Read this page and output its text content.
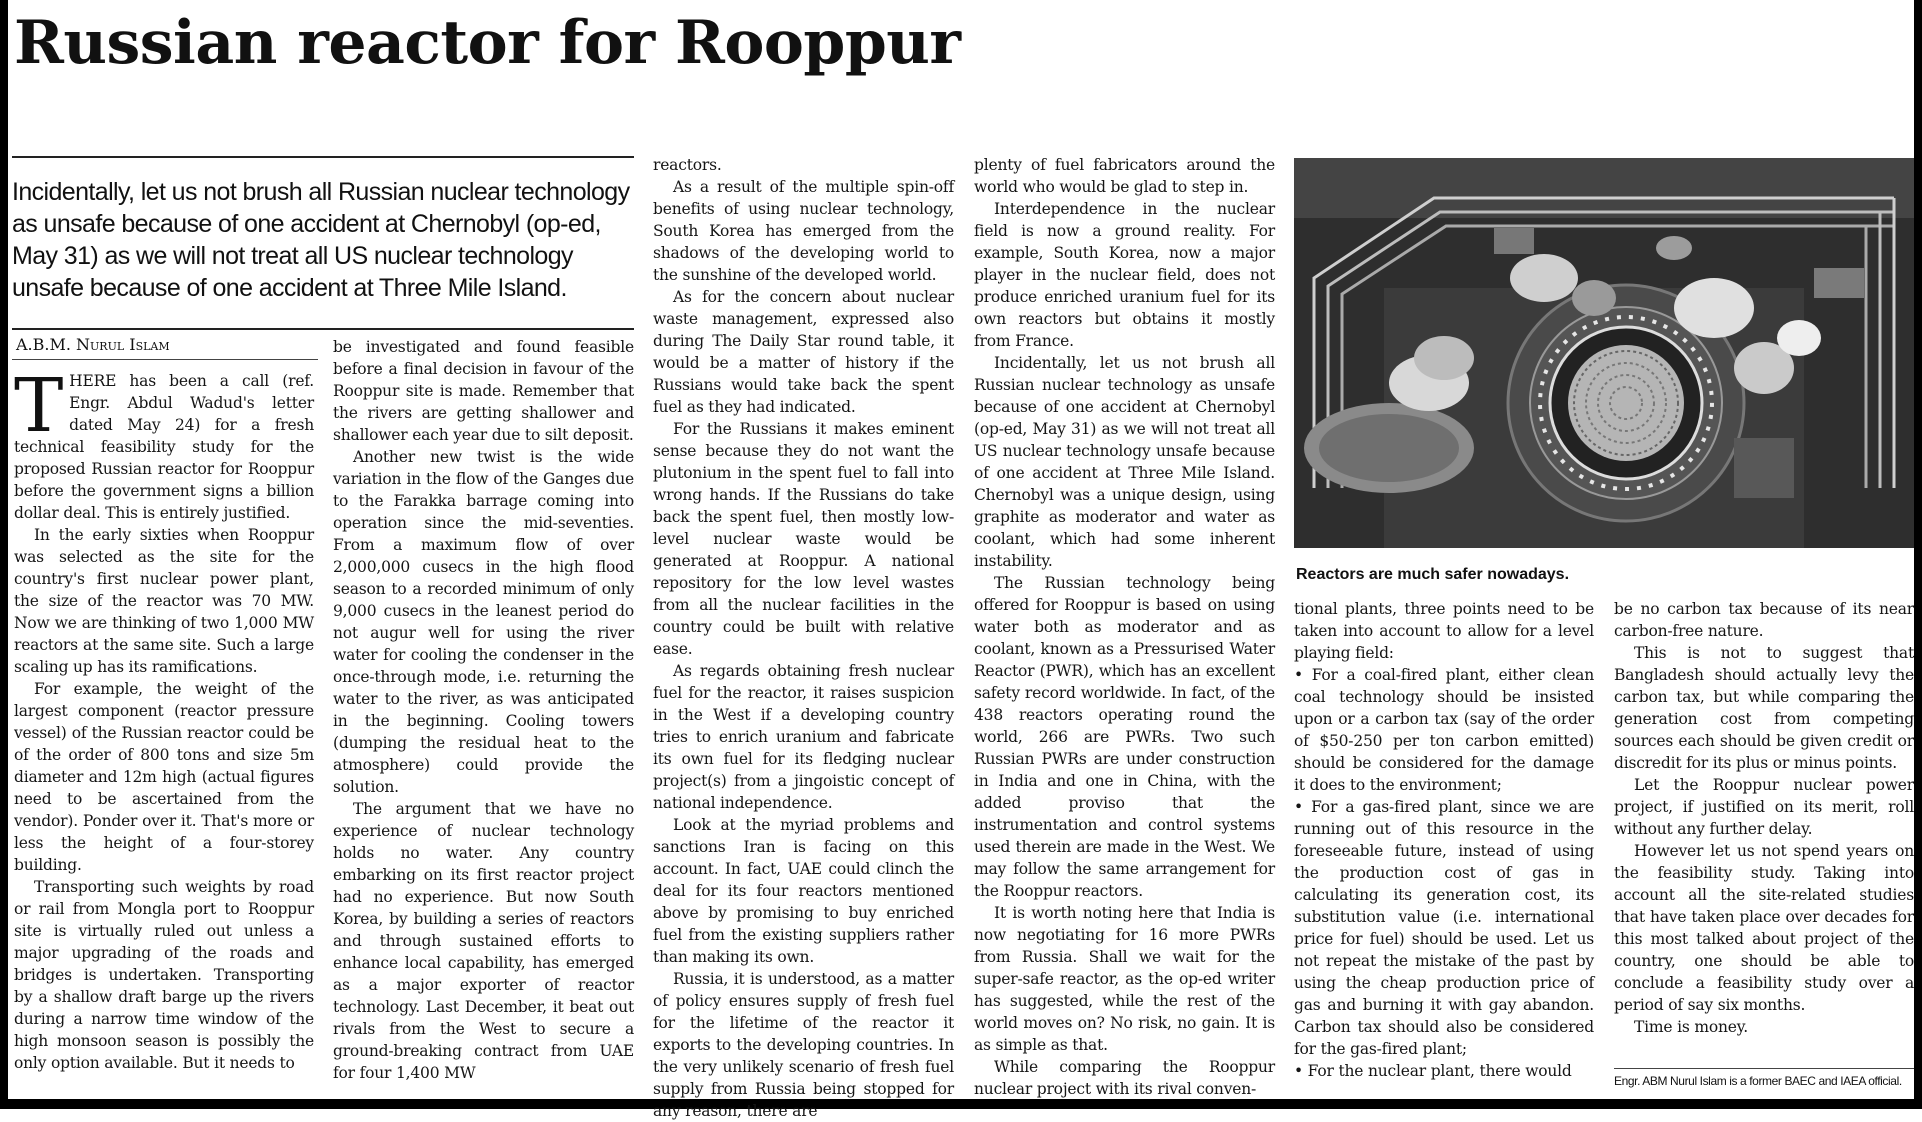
Russian reactor for Rooppur

Incidentally, let us not brush all Russian nuclear technology as unsafe because of one accident at Chernobyl (op-ed, May 31) as we will not treat all US nuclear technology unsafe because of one accident at Three Mile Island.

A.B.M. Nurul Islam
T HERE has been a call (ref. Engr. Abdul Wadud's letter dated May 24) for a fresh technical feasibility study for the proposed Russian reactor for Rooppur before the government signs a billion dollar deal. This is entirely justified.

In the early sixties when Rooppur was selected as the site for the country's first nuclear power plant, the size of the reactor was 70 MW. Now we are thinking of two 1,000 MW reactors at the same site. Such a large scaling up has its ramifications.

For example, the weight of the largest component (reactor pressure vessel) of the Russian reactor could be of the order of 800 tons and size 5m diameter and 12m high (actual figures need to be ascertained from the vendor). Ponder over it. That's more or less the height of a four-storey building.

Transporting such weights by road or rail from Mongla port to Rooppur site is virtually ruled out unless a major upgrading of the roads and bridges is undertaken. Transporting by a shallow draft barge up the rivers during a narrow time window of the high monsoon season is possibly the only option available. But it needs to

be investigated and found feasible before a final decision in favour of the Rooppur site is made. Remember that the rivers are getting shallower and shallower each year due to silt deposit.

Another new twist is the wide variation in the flow of the Ganges due to the Farakka barrage coming into operation since the mid-seventies. From a maximum flow of over 2,000,000 cusecs in the high flood season to a recorded minimum of only 9,000 cusecs in the leanest period do not augur well for using the river water for cooling the condenser in the once-through mode, i.e. returning the water to the river, as was anticipated in the beginning. Cooling towers (dumping the residual heat to the atmosphere) could provide the solution.

The argument that we have no experience of nuclear technology holds no water. Any country embarking on its first reactor project had no experience. But now South Korea, by building a series of reactors and through sustained efforts to enhance local capability, has emerged as a major exporter of reactor technology. Last December, it beat out rivals from the West to secure a ground-breaking contract from UAE for four 1,400 MW

reactors.

As a result of the multiple spin-off benefits of using nuclear technology, South Korea has emerged from the shadows of the developing world to the sunshine of the developed world.

As for the concern about nuclear waste management, expressed also during The Daily Star round table, it would be a matter of history if the Russians would take back the spent fuel as they had indicated.

For the Russians it makes eminent sense because they do not want the plutonium in the spent fuel to fall into wrong hands. If the Russians do take back the spent fuel, then mostly low-level nuclear waste would be generated at Rooppur. A national repository for the low level wastes from all the nuclear facilities in the country could be built with relative ease.

As regards obtaining fresh nuclear fuel for the reactor, it raises suspicion in the West if a developing country tries to enrich uranium and fabricate its own fuel for its fledging nuclear project(s) from a jingoistic concept of national independence.

Look at the myriad problems and sanctions Iran is facing on this account. In fact, UAE could clinch the deal for its four reactors mentioned above by promising to buy enriched fuel from the existing suppliers rather than making its own.

Russia, it is understood, as a matter of policy ensures supply of fresh fuel for the lifetime of the reactor it exports to the developing countries. In the very unlikely scenario of fresh fuel supply from Russia being stopped for any reason, there are

plenty of fuel fabricators around the world who would be glad to step in.

Interdependence in the nuclear field is now a ground reality. For example, South Korea, now a major player in the nuclear field, does not produce enriched uranium fuel for its own reactors but obtains it mostly from France.

Incidentally, let us not brush all Russian nuclear technology as unsafe because of one accident at Chernobyl (op-ed, May 31) as we will not treat all US nuclear technology unsafe because of one accident at Three Mile Island. Chernobyl was a unique design, using graphite as moderator and water as coolant, which had some inherent instability.

The Russian technology being offered for Rooppur is based on using water both as moderator and as coolant, known as a Pressurised Water Reactor (PWR), which has an excellent safety record worldwide. In fact, of the 438 reactors operating round the world, 266 are PWRs. Two such Russian PWRs are under construction in India and one in China, with the added proviso that the instrumentation and control systems used therein are made in the West. We may follow the same arrangement for the Rooppur reactors.

It is worth noting here that India is now negotiating for 16 more PWRs from Russia. Shall we wait for the super-safe reactor, as the op-ed writer has suggested, while the rest of the world moves on? No risk, no gain. It is as simple as that.

While comparing the Rooppur nuclear project with its rival conven-

Reactors are much safer nowadays.

tional plants, three points need to be taken into account to allow for a level playing field:

• For a coal-fired plant, either clean coal technology should be insisted upon or a carbon tax (say of the order of $50-250 per ton carbon emitted) should be considered for the damage it does to the environment;

• For a gas-fired plant, since we are running out of this resource in the foreseeable future, instead of using the production cost of gas in calculating its generation cost, its substitution value (i.e. international price for fuel) should be used. Let us not repeat the mistake of the past by using the cheap production price of gas and burning it with gay abandon. Carbon tax should also be considered for the gas-fired plant;

• For the nuclear plant, there would

be no carbon tax because of its near carbon-free nature.

This is not to suggest that Bangladesh should actually levy the carbon tax, but while comparing the generation cost from competing sources each should be given credit or discredit for its plus or minus points.

Let the Rooppur nuclear power project, if justified on its merit, roll without any further delay.

However let us not spend years on the feasibility study. Taking into account all the site-related studies that have taken place over decades for this most talked about project of the country, one should be able to conclude a feasibility study over a period of say six months.

Time is money.

Engr. ABM Nurul Islam is a former BAEC and IAEA official.
